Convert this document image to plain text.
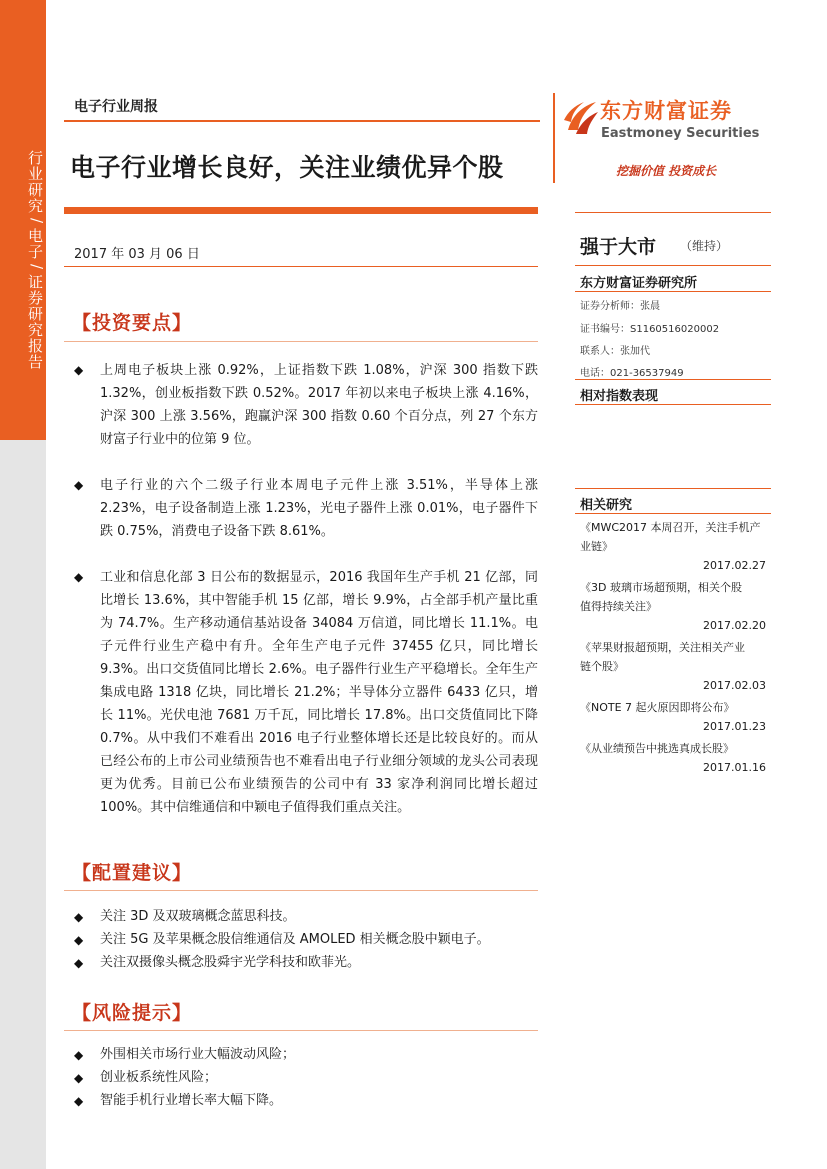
行业研究
/
电子
/
证券研究报告
电子行业周报
电子行业增长良好，关注业绩优异个股
2017 年 03 月 06 日
东方财富证券
Eastmoney Securities
挖掘价值 投资成长
强于大市 （维持）
东方财富证券研究所
证券分析师：张晨
证书编号：S1160516020002
联系人：张加代
电话：021-36537949
相对指数表现
相关研究
《MWC2017 本周召开，关注手机产
业链》
2017.02.27
《3D 玻璃市场超预期，相关个股
值得持续关注》
2017.02.20
《苹果财报超预期，关注相关产业
链个股》
2017.02.03
《NOTE 7 起火原因即将公布》
2017.01.23
《从业绩预告中挑选真成长股》
2017.01.16
【投资要点】
◆ 上周电子板块上涨 0.92%，上证指数下跌 1.08%，沪深 300 指数下跌 1.32%，创业板指数下跌 0.52%。2017 年初以来电子板块上涨 4.16%，沪深 300 上涨 3.56%，跑赢沪深 300 指数 0.60 个百分点，列 27 个东方财富子行业中的位第 9 位。
◆ 电子行业的六个二级子行业本周电子元件上涨 3.51%，半导体上涨 2.23%，电子设备制造上涨 1.23%，光电子器件上涨 0.01%，电子器件下跌 0.75%，消费电子设备下跌 8.61%。
◆ 工业和信息化部 3 日公布的数据显示，2016 我国年生产手机 21 亿部，同比增长 13.6%，其中智能手机 15 亿部，增长 9.9%，占全部手机产量比重为 74.7%。生产移动通信基站设备 34084 万信道，同比增长 11.1%。电子元件行业生产稳中有升。全年生产电子元件 37455 亿只，同比增长 9.3%。出口交货值同比增长 2.6%。电子器件行业生产平稳增长。全年生产集成电路 1318 亿块，同比增长 21.2%；半导体分立器件 6433 亿只，增长 11%。光伏电池 7681 万千瓦，同比增长 17.8%。出口交货值同比下降 0.7%。从中我们不难看出 2016 电子行业整体增长还是比较良好的。而从已经公布的上市公司业绩预告也不难看出电子行业细分领域的龙头公司表现更为优秀。目前已公布业绩预告的公司中有 33 家净利润同比增长超过 100%。其中信维通信和中颖电子值得我们重点关注。
【配置建议】
◆ 关注 3D 及双玻璃概念蓝思科技。
◆ 关注 5G 及苹果概念股信维通信及 AMOLED 相关概念股中颖电子。
◆ 关注双摄像头概念股舜宇光学科技和欧菲光。
【风险提示】
◆ 外围相关市场行业大幅波动风险；
◆ 创业板系统性风险；
◆ 智能手机行业增长率大幅下降。
